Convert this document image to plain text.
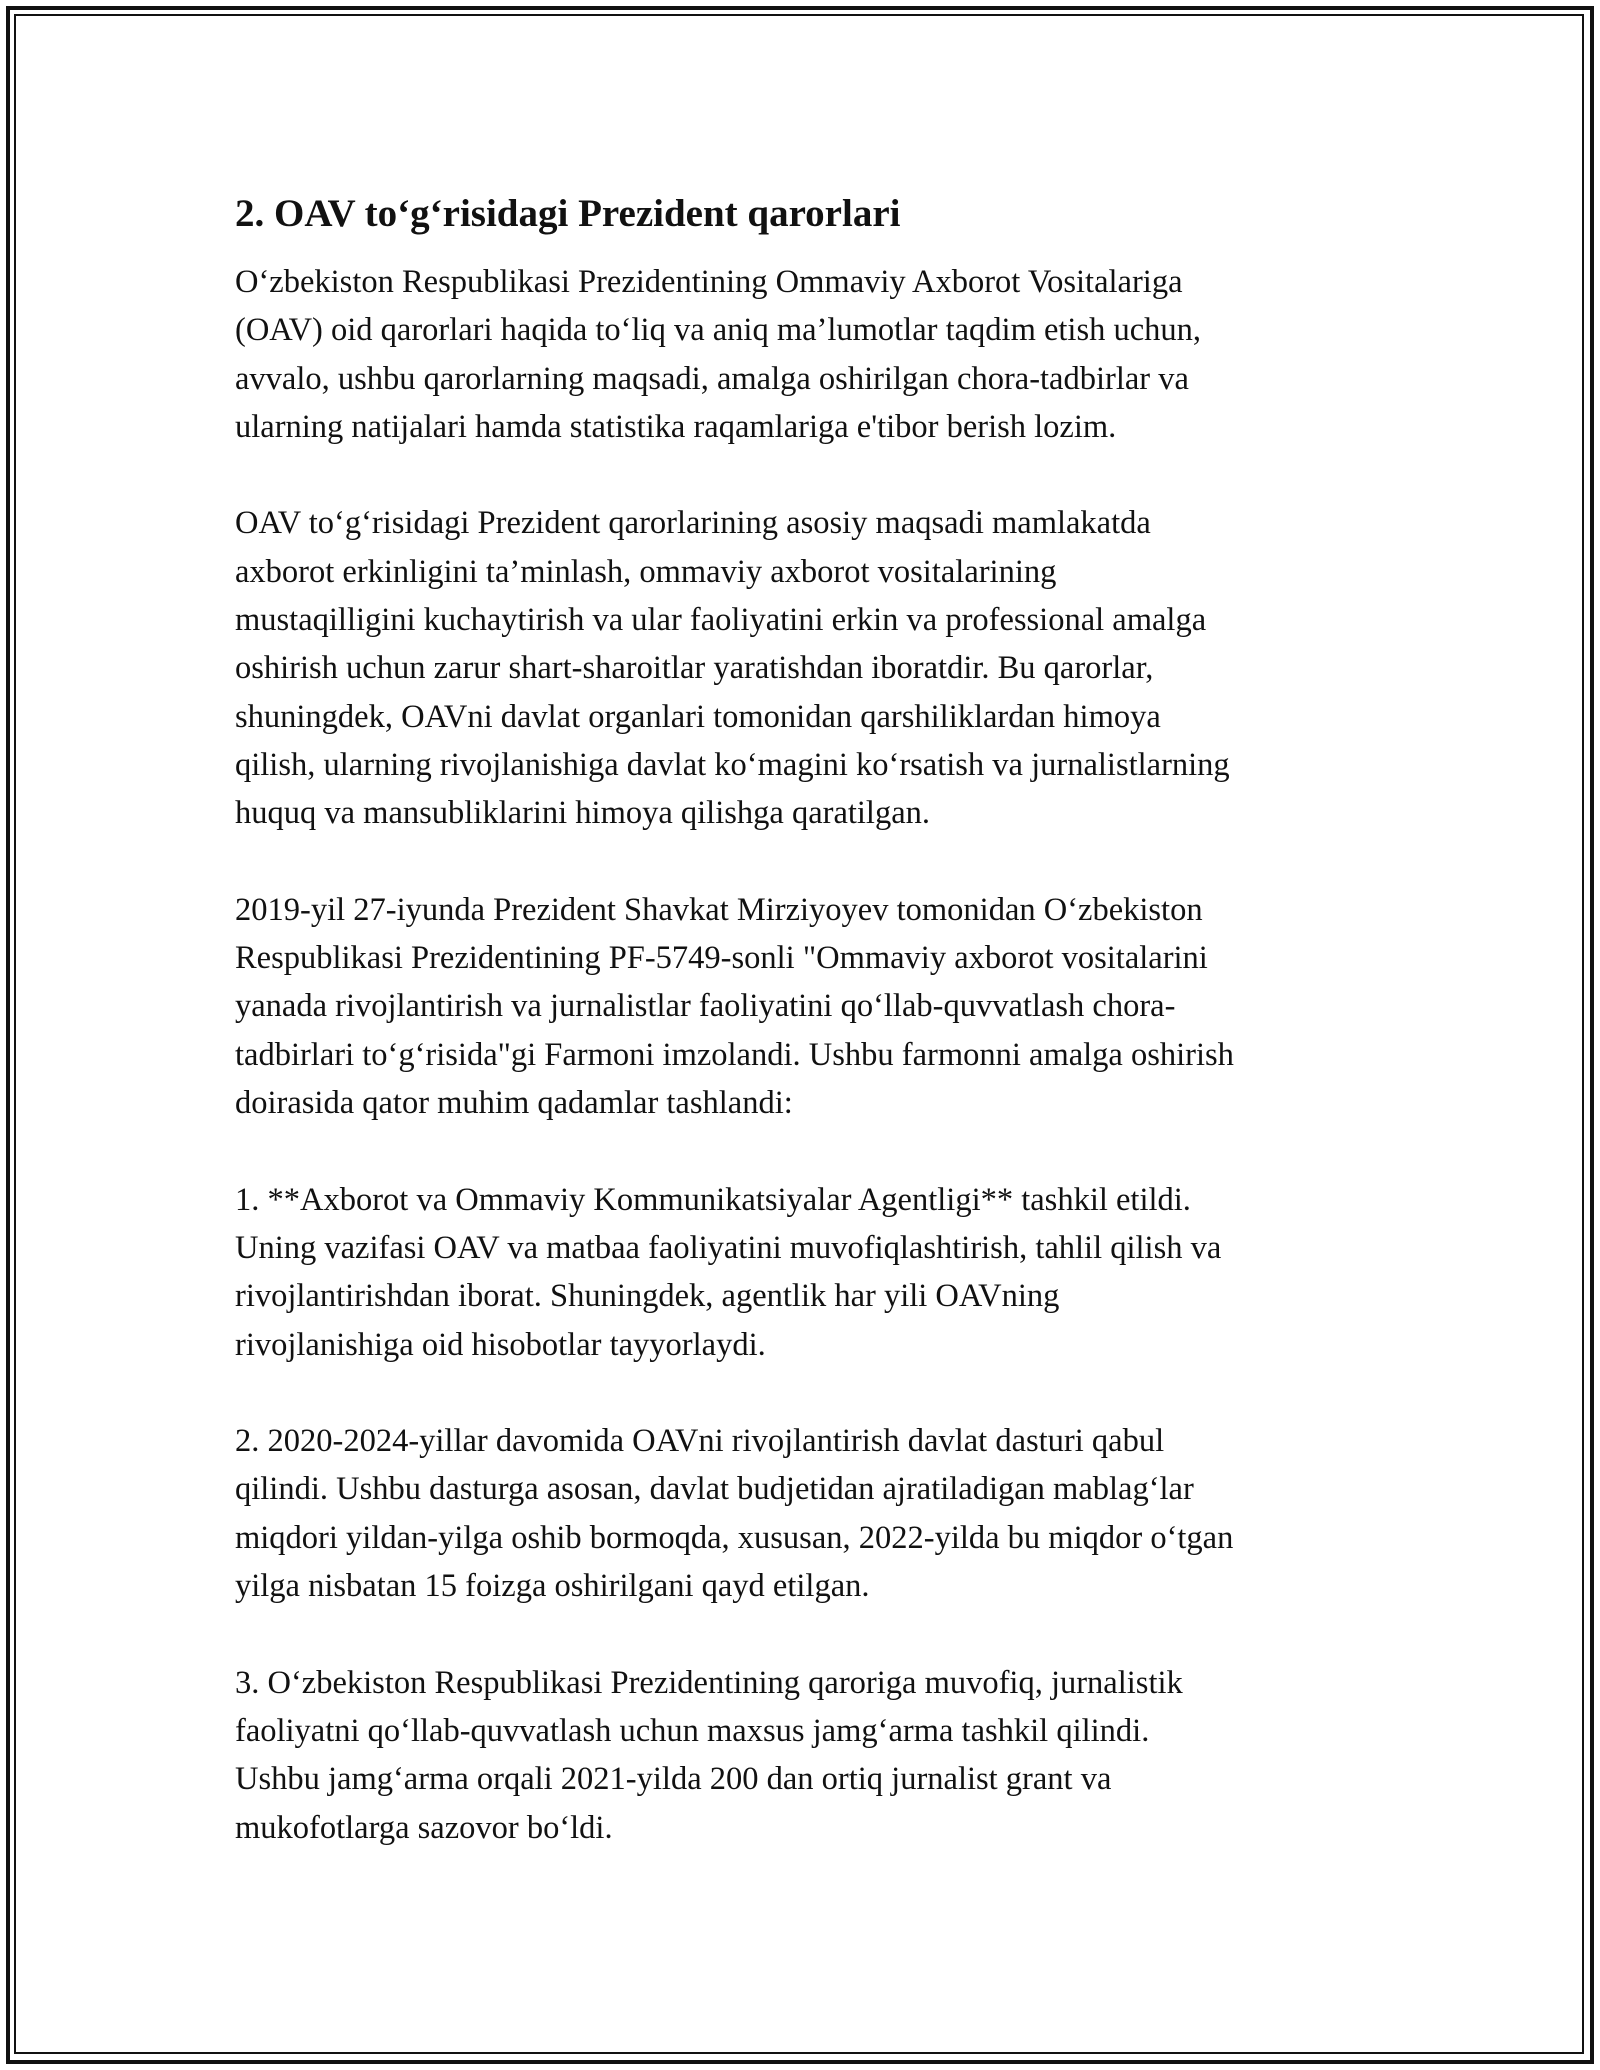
2. OAV to‘g‘risidagi Prezident qarorlari
O‘zbekiston Respublikasi Prezidentining Ommaviy Axborot Vositalariga
(OAV) oid qarorlari haqida to‘liq va aniq ma’lumotlar taqdim etish uchun,
avvalo, ushbu qarorlarning maqsadi, amalga oshirilgan chora-tadbirlar va
ularning natijalari hamda statistika raqamlariga e'tibor berish lozim.
OAV to‘g‘risidagi Prezident qarorlarining asosiy maqsadi mamlakatda
axborot erkinligini ta’minlash, ommaviy axborot vositalarining
mustaqilligini kuchaytirish va ular faoliyatini erkin va professional amalga
oshirish uchun zarur shart-sharoitlar yaratishdan iboratdir. Bu qarorlar,
shuningdek, OAVni davlat organlari tomonidan qarshiliklardan himoya
qilish, ularning rivojlanishiga davlat ko‘magini ko‘rsatish va jurnalistlarning
huquq va mansubliklarini himoya qilishga qaratilgan.
2019-yil 27-iyunda Prezident Shavkat Mirziyoyev tomonidan O‘zbekiston
Respublikasi Prezidentining PF-5749-sonli "Ommaviy axborot vositalarini
yanada rivojlantirish va jurnalistlar faoliyatini qo‘llab-quvvatlash chora-
tadbirlari to‘g‘risida"gi Farmoni imzolandi. Ushbu farmonni amalga oshirish
doirasida qator muhim qadamlar tashlandi:
1. **Axborot va Ommaviy Kommunikatsiyalar Agentligi** tashkil etildi.
Uning vazifasi OAV va matbaa faoliyatini muvofiqlashtirish, tahlil qilish va
rivojlantirishdan iborat. Shuningdek, agentlik har yili OAVning
rivojlanishiga oid hisobotlar tayyorlaydi.
2. 2020-2024-yillar davomida OAVni rivojlantirish davlat dasturi qabul
qilindi. Ushbu dasturga asosan, davlat budjetidan ajratiladigan mablag‘lar
miqdori yildan-yilga oshib bormoqda, xususan, 2022-yilda bu miqdor o‘tgan
yilga nisbatan 15 foizga oshirilgani qayd etilgan.
3. O‘zbekiston Respublikasi Prezidentining qaroriga muvofiq, jurnalistik
faoliyatni qo‘llab-quvvatlash uchun maxsus jamg‘arma tashkil qilindi.
Ushbu jamg‘arma orqali 2021-yilda 200 dan ortiq jurnalist grant va
mukofotlarga sazovor bo‘ldi.
